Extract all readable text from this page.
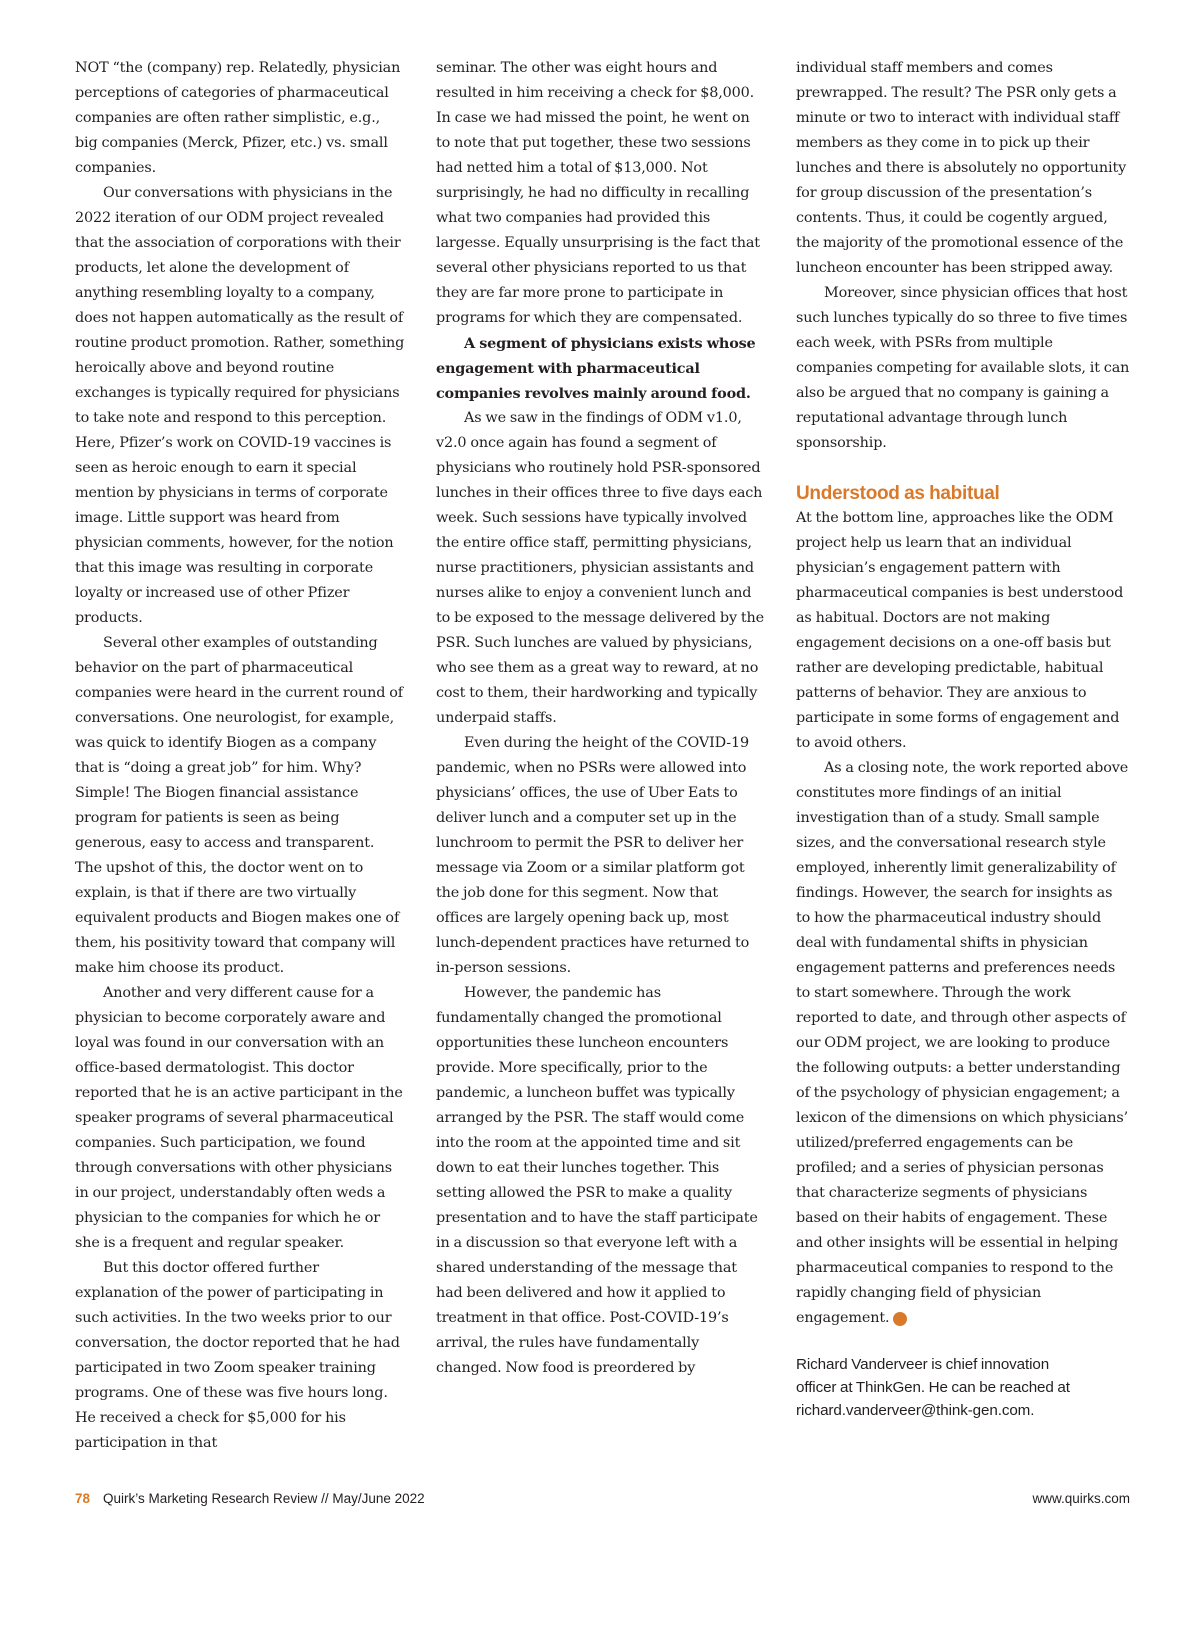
NOT “the (company) rep. Relatedly, physician perceptions of categories of pharmaceutical companies are often rather simplistic, e.g., big companies (Merck, Pfizer, etc.) vs. small companies.

Our conversations with physicians in the 2022 iteration of our ODM project revealed that the association of corporations with their products, let alone the development of anything resembling loyalty to a company, does not happen automatically as the result of routine product promotion. Rather, something heroically above and beyond routine exchanges is typically required for physicians to take note and respond to this perception. Here, Pfizer’s work on COVID-19 vaccines is seen as heroic enough to earn it special mention by physicians in terms of corporate image. Little support was heard from physician comments, however, for the notion that this image was resulting in corporate loyalty or increased use of other Pfizer products.

Several other examples of outstanding behavior on the part of pharmaceutical companies were heard in the current round of conversations. One neurologist, for example, was quick to identify Biogen as a company that is “doing a great job” for him. Why? Simple! The Biogen financial assistance program for patients is seen as being generous, easy to access and transparent. The upshot of this, the doctor went on to explain, is that if there are two virtually equivalent products and Biogen makes one of them, his positivity toward that company will make him choose its product.

Another and very different cause for a physician to become corporately aware and loyal was found in our conversation with an office-based dermatologist. This doctor reported that he is an active participant in the speaker programs of several pharmaceutical companies. Such participation, we found through conversations with other physicians in our project, understandably often weds a physician to the companies for which he or she is a frequent and regular speaker.

But this doctor offered further explanation of the power of participating in such activities. In the two weeks prior to our conversation, the doctor reported that he had participated in two Zoom speaker training programs. One of these was five hours long. He received a check for $5,000 for his participation in that

seminar. The other was eight hours and resulted in him receiving a check for $8,000. In case we had missed the point, he went on to note that put together, these two sessions had netted him a total of $13,000. Not surprisingly, he had no difficulty in recalling what two companies had provided this largesse. Equally unsurprising is the fact that several other physicians reported to us that they are far more prone to participate in programs for which they are compensated.

A segment of physicians exists whose engagement with pharmaceutical companies revolves mainly around food.

As we saw in the findings of ODM v1.0, v2.0 once again has found a segment of physicians who routinely hold PSR-sponsored lunches in their offices three to five days each week. Such sessions have typically involved the entire office staff, permitting physicians, nurse practitioners, physician assistants and nurses alike to enjoy a convenient lunch and to be exposed to the message delivered by the PSR. Such lunches are valued by physicians, who see them as a great way to reward, at no cost to them, their hardworking and typically underpaid staffs.

Even during the height of the COVID-19 pandemic, when no PSRs were allowed into physicians’ offices, the use of Uber Eats to deliver lunch and a computer set up in the lunchroom to permit the PSR to deliver her message via Zoom or a similar platform got the job done for this segment. Now that offices are largely opening back up, most lunch-dependent practices have returned to in-person sessions.

However, the pandemic has fundamentally changed the promotional opportunities these luncheon encounters provide. More specifically, prior to the pandemic, a luncheon buffet was typically arranged by the PSR. The staff would come into the room at the appointed time and sit down to eat their lunches together. This setting allowed the PSR to make a quality presentation and to have the staff participate in a discussion so that everyone left with a shared understanding of the message that had been delivered and how it applied to treatment in that office. Post-COVID-19’s arrival, the rules have fundamentally changed. Now food is preordered by

individual staff members and comes prewrapped. The result? The PSR only gets a minute or two to interact with individual staff members as they come in to pick up their lunches and there is absolutely no opportunity for group discussion of the presentation’s contents. Thus, it could be cogently argued, the majority of the promotional essence of the luncheon encounter has been stripped away.

Moreover, since physician offices that host such lunches typically do so three to five times each week, with PSRs from multiple companies competing for available slots, it can also be argued that no company is gaining a reputational advantage through lunch sponsorship.

Understood as habitual

At the bottom line, approaches like the ODM project help us learn that an individual physician’s engagement pattern with pharmaceutical companies is best understood as habitual. Doctors are not making engagement decisions on a one-off basis but rather are developing predictable, habitual patterns of behavior. They are anxious to participate in some forms of engagement and to avoid others.

As a closing note, the work reported above constitutes more findings of an initial investigation than of a study. Small sample sizes, and the conversational research style employed, inherently limit generalizability of findings. However, the search for insights as to how the pharmaceutical industry should deal with fundamental shifts in physician engagement patterns and preferences needs to start somewhere. Through the work reported to date, and through other aspects of our ODM project, we are looking to produce the following outputs: a better understanding of the psychology of physician engagement; a lexicon of the dimensions on which physicians’ utilized/preferred engagements can be profiled; and a series of physician personas that characterize segments of physicians based on their habits of engagement. These and other insights will be essential in helping pharmaceutical companies to respond to the rapidly changing field of physician engagement.	Q

Richard Vanderveer is chief innovation
officer at ThinkGen. He can be reached at
richard.vanderveer@think-gen.com.
78 Quirk’s Marketing Research Review // May/June 2022	www.quirks.com
